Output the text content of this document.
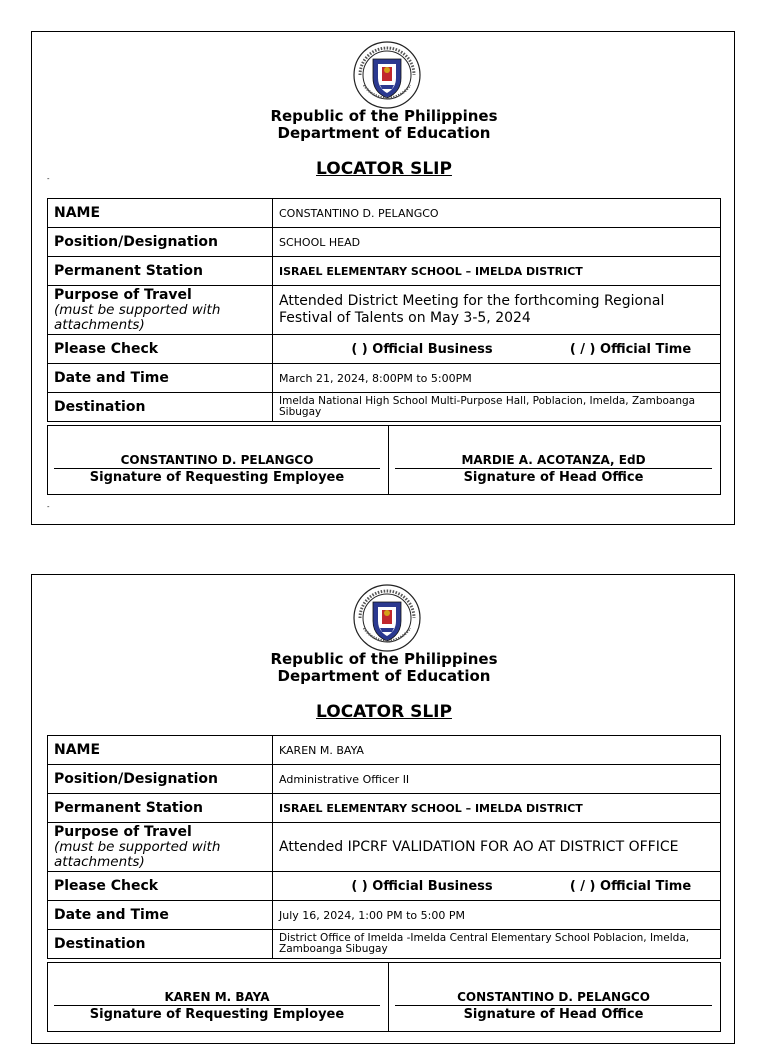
Republic of the Philippines
Department of Education
LOCATOR SLIP
-
NAME	CONSTANTINO D. PELANGCO
Position/Designation	SCHOOL HEAD
Permanent Station	ISRAEL ELEMENTARY SCHOOL – IMELDA DISTRICT

Purpose of Travel
(must be supported with attachments)	Attended District Meeting for the forthcoming Regional Festival of Talents on May 3-5, 2024
Please Check	( ) Official Business ( / ) Official Time

Date and Time	March 21, 2024, 8:00PM to 5:00PM
Destination	Imelda National High School Multi-Purpose Hall, Poblacion, Imelda, Zamboanga Sibugay
CONSTANTINO D. PELANGCO
Signature of Requesting Employee

MARDIE A. ACOTANZA, EdD
Signature of Head Office
-
Republic of the Philippines
Department of Education
LOCATOR SLIP
NAME	KAREN M. BAYA
Position/Designation	Administrative Officer II
Permanent Station	ISRAEL ELEMENTARY SCHOOL – IMELDA DISTRICT

Purpose of Travel
(must be supported with attachments)	Attended IPCRF VALIDATION FOR AO AT DISTRICT OFFICE
Please Check	( ) Official Business ( / ) Official Time

Date and Time	July 16, 2024, 1:00 PM to 5:00 PM
Destination	District Office of Imelda -Imelda Central Elementary School Poblacion, Imelda, Zamboanga Sibugay
KAREN M. BAYA
Signature of Requesting Employee

CONSTANTINO D. PELANGCO
Signature of Head Office
